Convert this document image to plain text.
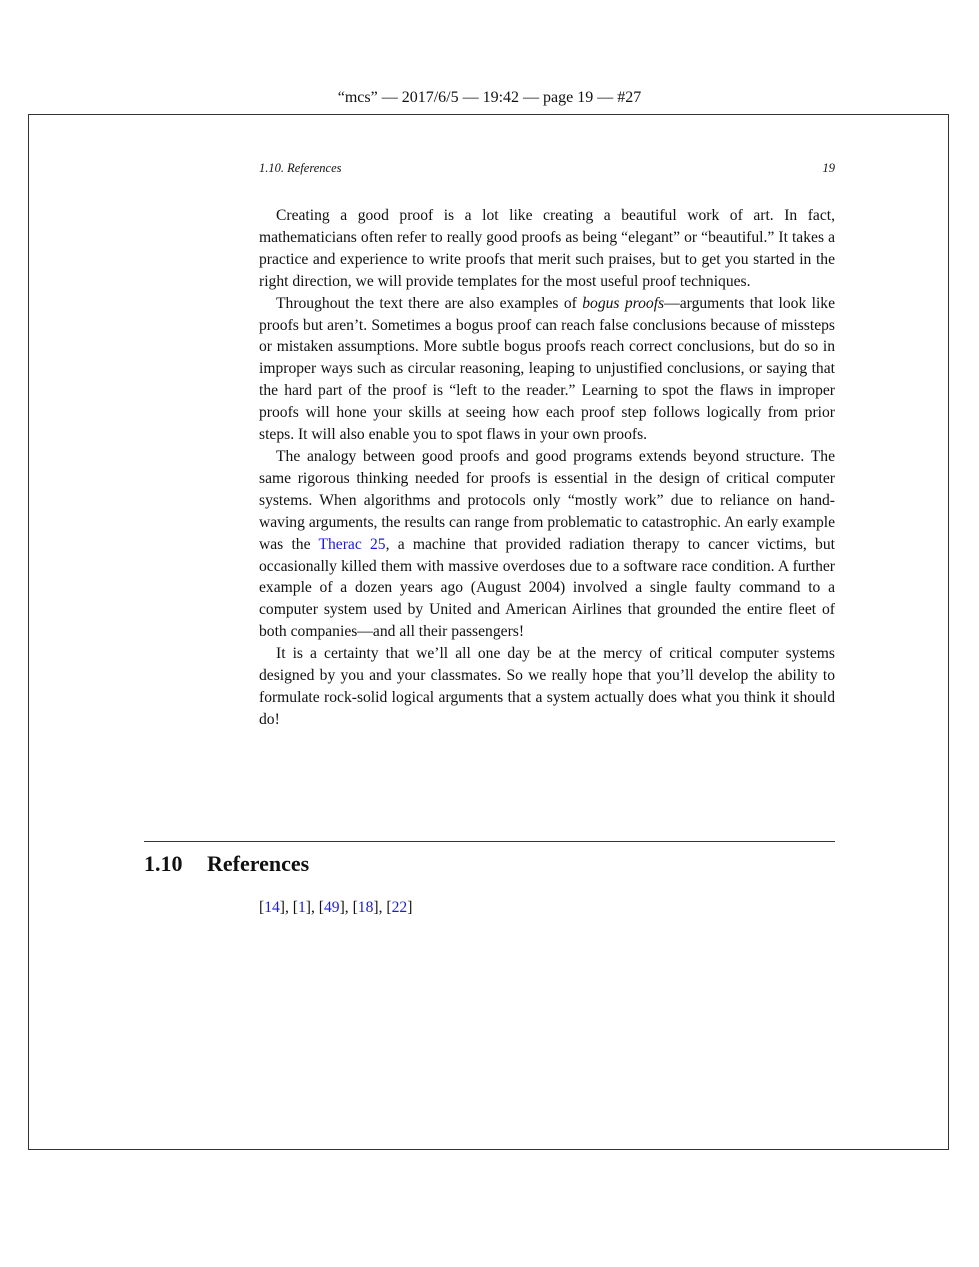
“mcs” — 2017/6/5 — 19:42 — page 19 — #27
1.10. References	19

Creating a good proof is a lot like creating a beautiful work of art. In fact, mathematicians often refer to really good proofs as being “elegant” or “beautiful.” It takes a practice and experience to write proofs that merit such praises, but to get you started in the right direction, we will provide templates for the most useful proof techniques.

Throughout the text there are also examples of bogus proofs—arguments that look like proofs but aren’t. Sometimes a bogus proof can reach false conclusions because of missteps or mistaken assumptions. More subtle bogus proofs reach correct conclusions, but do so in improper ways such as circular reasoning, leaping to unjustified conclusions, or saying that the hard part of the proof is “left to the reader.” Learning to spot the flaws in improper proofs will hone your skills at seeing how each proof step follows logically from prior steps. It will also enable you to spot flaws in your own proofs.

The analogy between good proofs and good programs extends beyond structure. The same rigorous thinking needed for proofs is essential in the design of critical computer systems. When algorithms and protocols only “mostly work” due to reliance on hand-waving arguments, the results can range from problematic to catastrophic. An early example was the Therac 25, a machine that provided radiation therapy to cancer victims, but occasionally killed them with massive overdoses due to a software race condition. A further example of a dozen years ago (August 2004) involved a single faulty command to a computer system used by United and American Airlines that grounded the entire fleet of both companies—and all their passengers!

It is a certainty that we’ll all one day be at the mercy of critical computer systems designed by you and your classmates. So we really hope that you’ll develop the ability to formulate rock-solid logical arguments that a system actually does what you think it should do!

1.10 References
[14], [1], [49], [18], [22]
